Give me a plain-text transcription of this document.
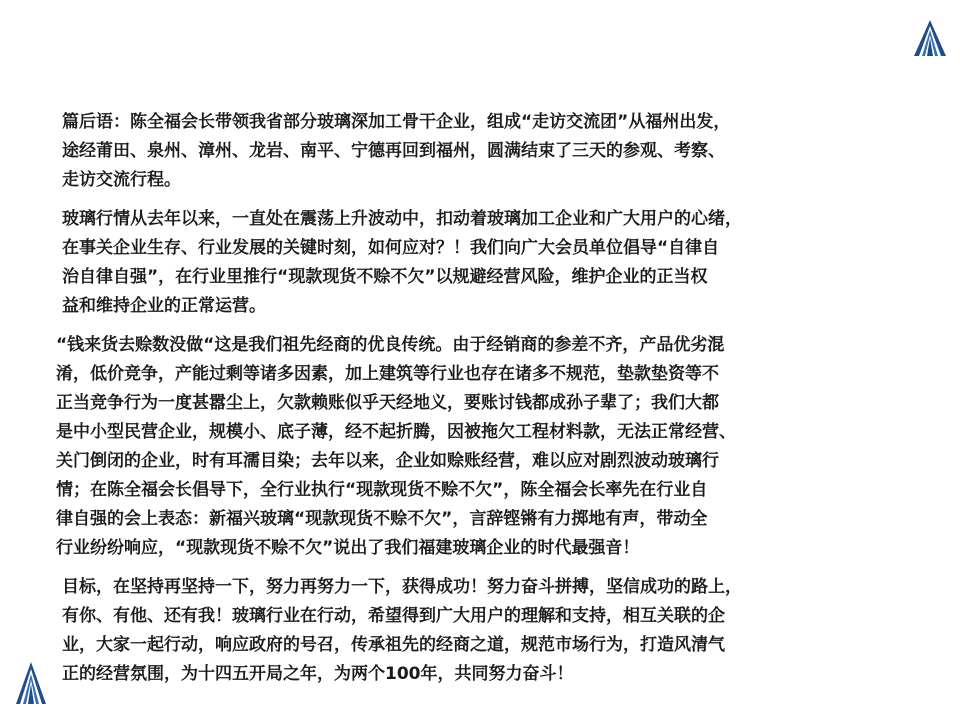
篇后语：陈全福会长带领我省部分玻璃深加工骨干企业，组成“走访交流团”从福州出发，
途经莆田、泉州、漳州、龙岩、南平、宁德再回到福州，圆满结束了三天的参观、考察、
走访交流行程。

玻璃行情从去年以来，一直处在震荡上升波动中，扣动着玻璃加工企业和广大用户的心绪，
在事关企业生存、行业发展的关键时刻，如何应对？！我们向广大会员单位倡导“自律自
治自律自强”，在行业里推行“现款现货不赊不欠”以规避经营风险，维护企业的正当权
益和维持企业的正常运营。

“钱来货去赊数没做“这是我们祖先经商的优良传统。由于经销商的参差不齐，产品优劣混
淆，低价竞争，产能过剩等诸多因素，加上建筑等行业也存在诸多不规范，垫款垫资等不
正当竞争行为一度甚嚣尘上，欠款赖账似乎天经地义，要账讨钱都成孙子辈了；我们大都
是中小型民营企业，规模小、底子薄，经不起折腾，因被拖欠工程材料款，无法正常经营、
关门倒闭的企业，时有耳濡目染；去年以来，企业如赊账经营，难以应对剧烈波动玻璃行
情；在陈全福会长倡导下，全行业执行“现款现货不赊不欠”，陈全福会长率先在行业自
律自强的会上表态：新福兴玻璃“现款现货不赊不欠”，言辞铿锵有力掷地有声，带动全
行业纷纷响应，“现款现货不赊不欠”说出了我们福建玻璃企业的时代最强音！

目标，在坚持再坚持一下，努力再努力一下，获得成功！努力奋斗拼搏，坚信成功的路上，
有你、有他、还有我！玻璃行业在行动，希望得到广大用户的理解和支持，相互关联的企
业，大家一起行动，响应政府的号召，传承祖先的经商之道，规范市场行为，打造风清气
正的经营氛围，为十四五开局之年，为两个100年，共同努力奋斗！
